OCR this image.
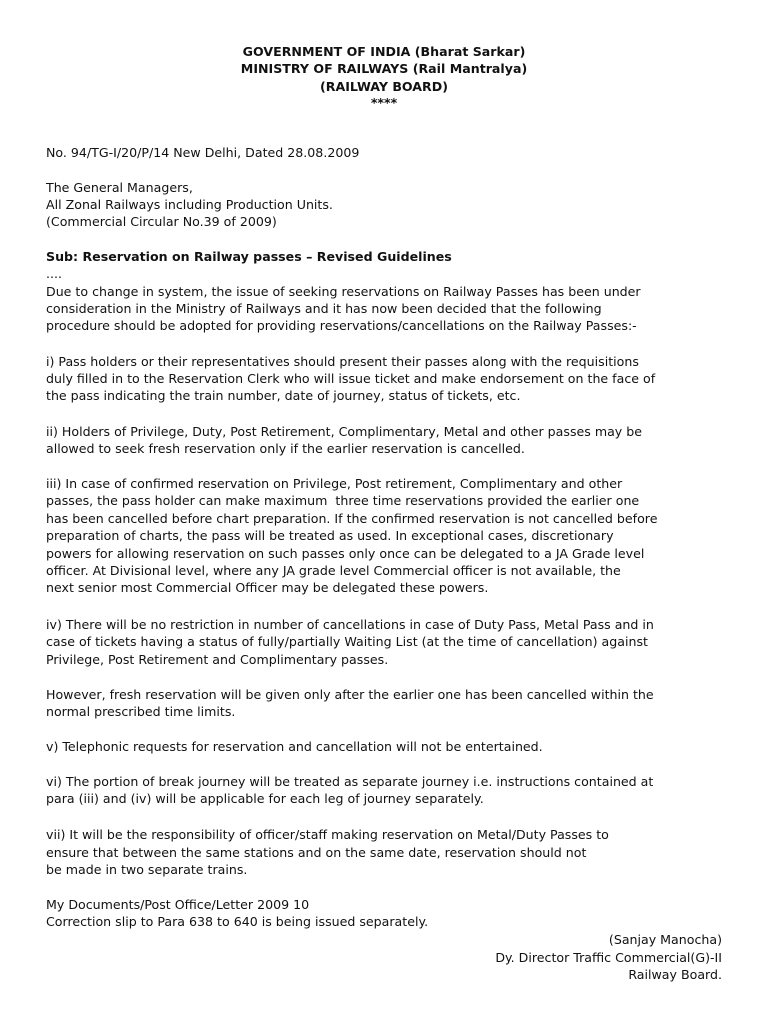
GOVERNMENT OF INDIA (Bharat Sarkar)
MINISTRY OF RAILWAYS (Rail Mantralya)
(RAILWAY BOARD)
****
No. 94/TG-I/20/P/14 New Delhi, Dated 28.08.2009
The General Managers,
All Zonal Railways including Production Units.
(Commercial Circular No.39 of 2009)
Sub: Reservation on Railway passes – Revised Guidelines
....
Due to change in system, the issue of seeking reservations on Railway Passes has been under
consideration in the Ministry of Railways and it has now been decided that the following
procedure should be adopted for providing reservations/cancellations on the Railway Passes:-
i) Pass holders or their representatives should present their passes along with the requisitions
duly filled in to the Reservation Clerk who will issue ticket and make endorsement on the face of
the pass indicating the train number, date of journey, status of tickets, etc.
ii) Holders of Privilege, Duty, Post Retirement, Complimentary, Metal and other passes may be
allowed to seek fresh reservation only if the earlier reservation is cancelled.
iii) In case of confirmed reservation on Privilege, Post retirement, Complimentary and other
passes, the pass holder can make maximum  three time reservations provided the earlier one
has been cancelled before chart preparation. If the confirmed reservation is not cancelled before
preparation of charts, the pass will be treated as used. In exceptional cases, discretionary
powers for allowing reservation on such passes only once can be delegated to a JA Grade level
officer. At Divisional level, where any JA grade level Commercial officer is not available, the
next senior most Commercial Officer may be delegated these powers.
iv) There will be no restriction in number of cancellations in case of Duty Pass, Metal Pass and in
case of tickets having a status of fully/partially Waiting List (at the time of cancellation) against
Privilege, Post Retirement and Complimentary passes.
However, fresh reservation will be given only after the earlier one has been cancelled within the
normal prescribed time limits.
v) Telephonic requests for reservation and cancellation will not be entertained.
vi) The portion of break journey will be treated as separate journey i.e. instructions contained at
para (iii) and (iv) will be applicable for each leg of journey separately.
vii) It will be the responsibility of officer/staff making reservation on Metal/Duty Passes to
ensure that between the same stations and on the same date, reservation should not
be made in two separate trains.
My Documents/Post Office/Letter 2009 10
Correction slip to Para 638 to 640 is being issued separately.
(Sanjay Manocha)
Dy. Director Traffic Commercial(G)-II
Railway Board.
